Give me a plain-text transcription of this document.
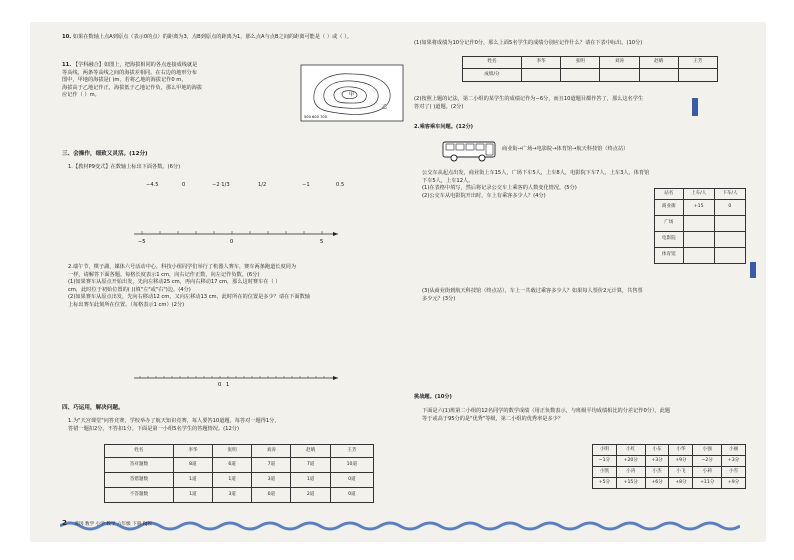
10. 如果在数轴上点A到原点（表示0的点）的距离为3，点B到原点的距离为1，那么点A与点B之间的距离可能是（ ）或（ ）。
11. 【学科融合】如图上，把海拔相同的各点连接成线就是
等高线，两条等高线之间的海拔差相同。在右边的地形分布
图中，甲地的海拔是( )m，若将乙地的海拔记作0 m，
海拔高于乙地记作正，海拔低于乙地记作负，那么甲地的海拔
应记作（ ）m。	甲
乙
500 600 700
三、会操作，细致又灵活。(12分)
1.【教材P9变式】在数轴上标出下面各数。(6分)
−4.5	0	−2 1/3	1/2	−1	0.5
−5	0	5
2.端午节，棋子湖，媒体六号活动中心，科技小组同学们举行了机器人赛车，赛车两条跑道长度同为
一样，请解答下面各题。每格长度表示1 cm，向右记作正数，向左记作负数。(6分)
(1)如果赛车从原点开始出发，先向左移动25 cm，再向右移动17 cm，那么这时赛车在（ ）
cm，此时位于初始位置的( )(填"左"或"右")边。(4分)
(2)如果赛车从原点出发，先向右移动12 cm，又向左移动13 cm，此时所在的位置是多少？请在下面数轴
上标出赛车此刻所在位置。（每格表示1 cm）(2分)
0 1
四、巧运用，解决问题。
1.为"天宫课堂"问答竞赛，学校举办了航天知识竞赛，每人要答10道题，每答对一题得1分，
答错一题扣2分，不答扣1分。下面是第一小组5名学生的答题情况。(12分)
姓名	李华	张明	刘涛	赵晴	王芳
答对题数	8道	6道	7道	7道	10道
答错题数	1道	1道	3道	1道	0道
不答题数	1道	3道	0道	2道	0道
2 黄冈 数学 小学 数学 六年级 下册 RJ版
(1)如果将成绩为10分记作0分，那么上面5名学生的成绩分别应记作什么？请在下表中标出。(10分)
姓名	李华	张明	刘涛	赵晴	王芳
成绩/分					
(2)按照上题的记法，第二小组的某学生的成绩记作为−6分，而且10道题目都作答了，那么这名学生
答对了( )道题。(2分)
2.乘客乘车问题。(12分)
商业街→广场→电影院→体育馆→航天科技馆（终点站）
公交车从起点出发，商业街上车15人，广场下车5人，上车8人，电影院下车7人，上车3人，体育馆
下车5人，上车12人。
(1)在表格中填写，然后将记录公交车上乘客的人数变化情况。(5分)
(2)公交车从电影院开出时，车上有乘客多少人？(4分)	站名	上车/人	下车/人
商业街	+15	0
广场		
电影院		
体育馆		
(3)从商业街到航天科技馆（终点站），车上一共载过乘客多少人？如果每人票价2元计算，共售票
多少元？(3分)
挑战题。(10分)
下面是六(1)班第二小组的12名同学的数学成绩（用正负数表示，与班级平均成绩相比的分差记作0分），此题
等于或高于95分的是"优秀"等级，第二小组的优秀率是多少？
小明	小红	小东	小华	小强	小丽
−1分	+20分	+3分	+9分	−2分	+3分
小凯	小涛	小杰	小飞	小莉	小雪
+5分	+15分	+6分	+8分	+11分	+9分
